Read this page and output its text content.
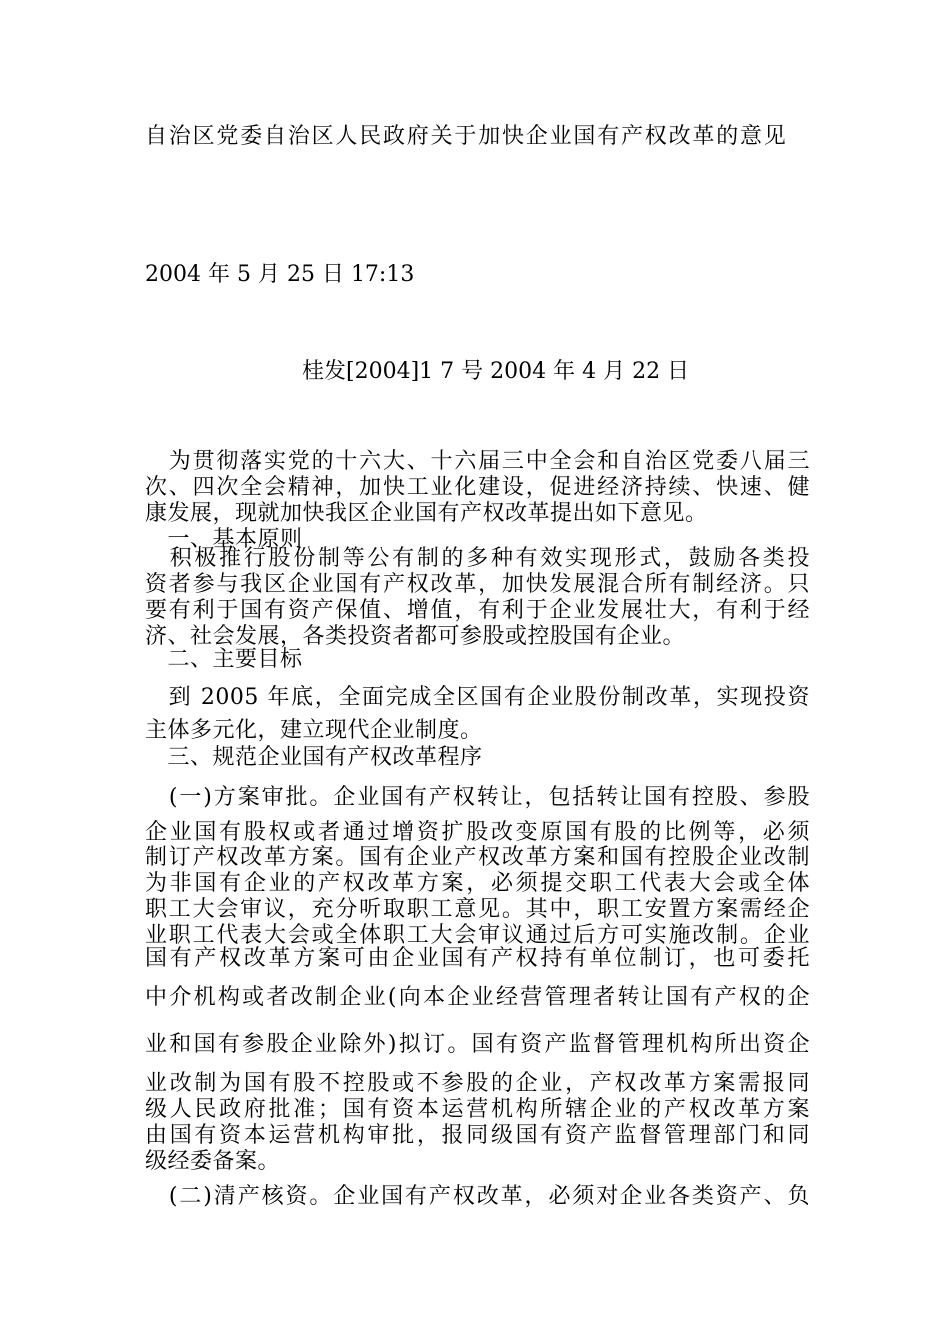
自治区党委自治区人民政府关于加快企业国有产权改革的意见
2004 年 5 月 25 日 17:13
桂发[2004]1 7 号 2004 年 4 月 22 日
　为贯彻落实党的十六大、十六届三中全会和自治区党委八届三
次、四次全会精神，加快工业化建设，促进经济持续、快速、健
康发展，现就加快我区企业国有产权改革提出如下意见。
　一、基本原则
　积极推行股份制等公有制的多种有效实现形式，鼓励各类投
资者参与我区企业国有产权改革，加快发展混合所有制经济。只
要有利于国有资产保值、增值，有利于企业发展壮大，有利于经
济、社会发展，各类投资者都可参股或控股国有企业。
　二、主要目标
　到 2005 年底，全面完成全区国有企业股份制改革，实现投资
主体多元化，建立现代企业制度。
　三、规范企业国有产权改革程序
　(一)方案审批。企业国有产权转让，包括转让国有控股、参股
企业国有股权或者通过增资扩股改变原国有股的比例等，必须
制订产权改革方案。国有企业产权改革方案和国有控股企业改制
为非国有企业的产权改革方案，必须提交职工代表大会或全体
职工大会审议，充分听取职工意见。其中，职工安置方案需经企
业职工代表大会或全体职工大会审议通过后方可实施改制。企业
国有产权改革方案可由企业国有产权持有单位制订，也可委托
中介机构或者改制企业(向本企业经营管理者转让国有产权的企
业和国有参股企业除外)拟订。国有资产监督管理机构所出资企
业改制为国有股不控股或不参股的企业，产权改革方案需报同
级人民政府批准；国有资本运营机构所辖企业的产权改革方案
由国有资本运营机构审批，报同级国有资产监督管理部门和同
级经委备案。
　(二)清产核资。企业国有产权改革，必须对企业各类资产、负
